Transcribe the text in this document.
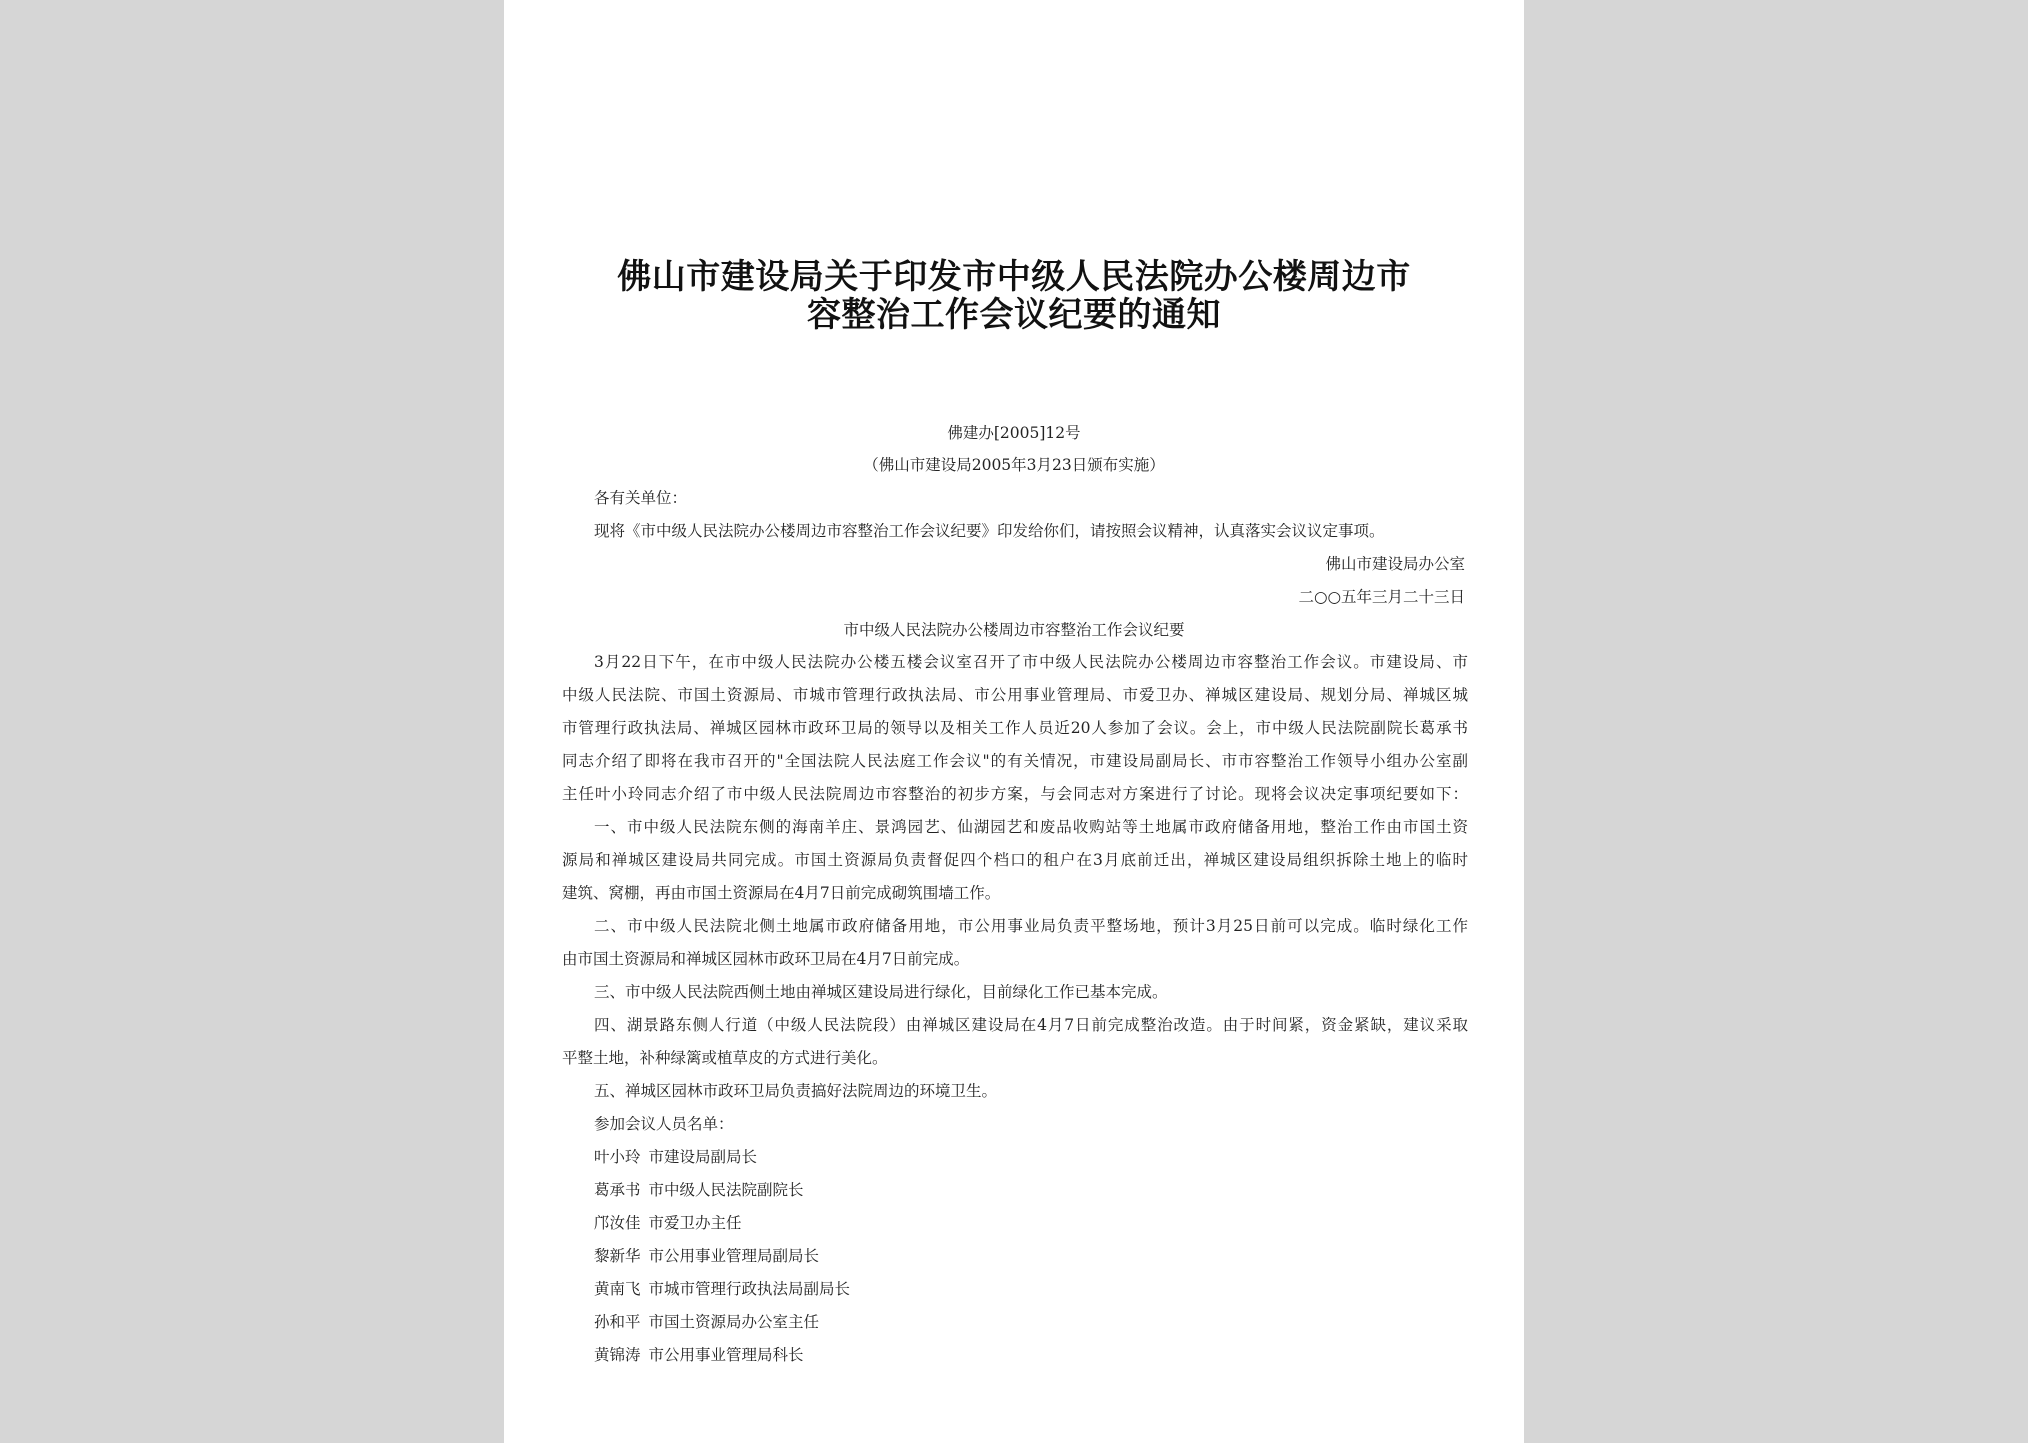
佛山市建设局关于印发市中级人民法院办公楼周边市
容整治工作会议纪要的通知
佛建办[2005]12号
（佛山市建设局2005年3月23日颁布实施）
各有关单位：
现将《市中级人民法院办公楼周边市容整治工作会议纪要》印发给你们，请按照会议精神，认真落实会议议定事项。
佛山市建设局办公室
二○○五年三月二十三日
市中级人民法院办公楼周边市容整治工作会议纪要
3月22日下午，在市中级人民法院办公楼五楼会议室召开了市中级人民法院办公楼周边市容整治工作会议。市建设局、市
中级人民法院、市国土资源局、市城市管理行政执法局、市公用事业管理局、市爱卫办、禅城区建设局、规划分局、禅城区城
市管理行政执法局、禅城区园林市政环卫局的领导以及相关工作人员近20人参加了会议。会上，市中级人民法院副院长葛承书
同志介绍了即将在我市召开的"全国法院人民法庭工作会议"的有关情况，市建设局副局长、市市容整治工作领导小组办公室副
主任叶小玲同志介绍了市中级人民法院周边市容整治的初步方案，与会同志对方案进行了讨论。现将会议决定事项纪要如下：
一、市中级人民法院东侧的海南羊庄、景鸿园艺、仙湖园艺和废品收购站等土地属市政府储备用地，整治工作由市国土资
源局和禅城区建设局共同完成。市国土资源局负责督促四个档口的租户在3月底前迁出，禅城区建设局组织拆除土地上的临时
建筑、窝棚，再由市国土资源局在4月7日前完成砌筑围墙工作。
二、市中级人民法院北侧土地属市政府储备用地，市公用事业局负责平整场地，预计3月25日前可以完成。临时绿化工作
由市国土资源局和禅城区园林市政环卫局在4月7日前完成。
三、市中级人民法院西侧土地由禅城区建设局进行绿化，目前绿化工作已基本完成。
四、湖景路东侧人行道（中级人民法院段）由禅城区建设局在4月7日前完成整治改造。由于时间紧，资金紧缺，建议采取
平整土地，补种绿篱或植草皮的方式进行美化。
五、禅城区园林市政环卫局负责搞好法院周边的环境卫生。
参加会议人员名单：
叶小玲 市建设局副局长
葛承书 市中级人民法院副院长
邝汝佳 市爱卫办主任
黎新华 市公用事业管理局副局长
黄南飞 市城市管理行政执法局副局长
孙和平 市国土资源局办公室主任
黄锦涛 市公用事业管理局科长
